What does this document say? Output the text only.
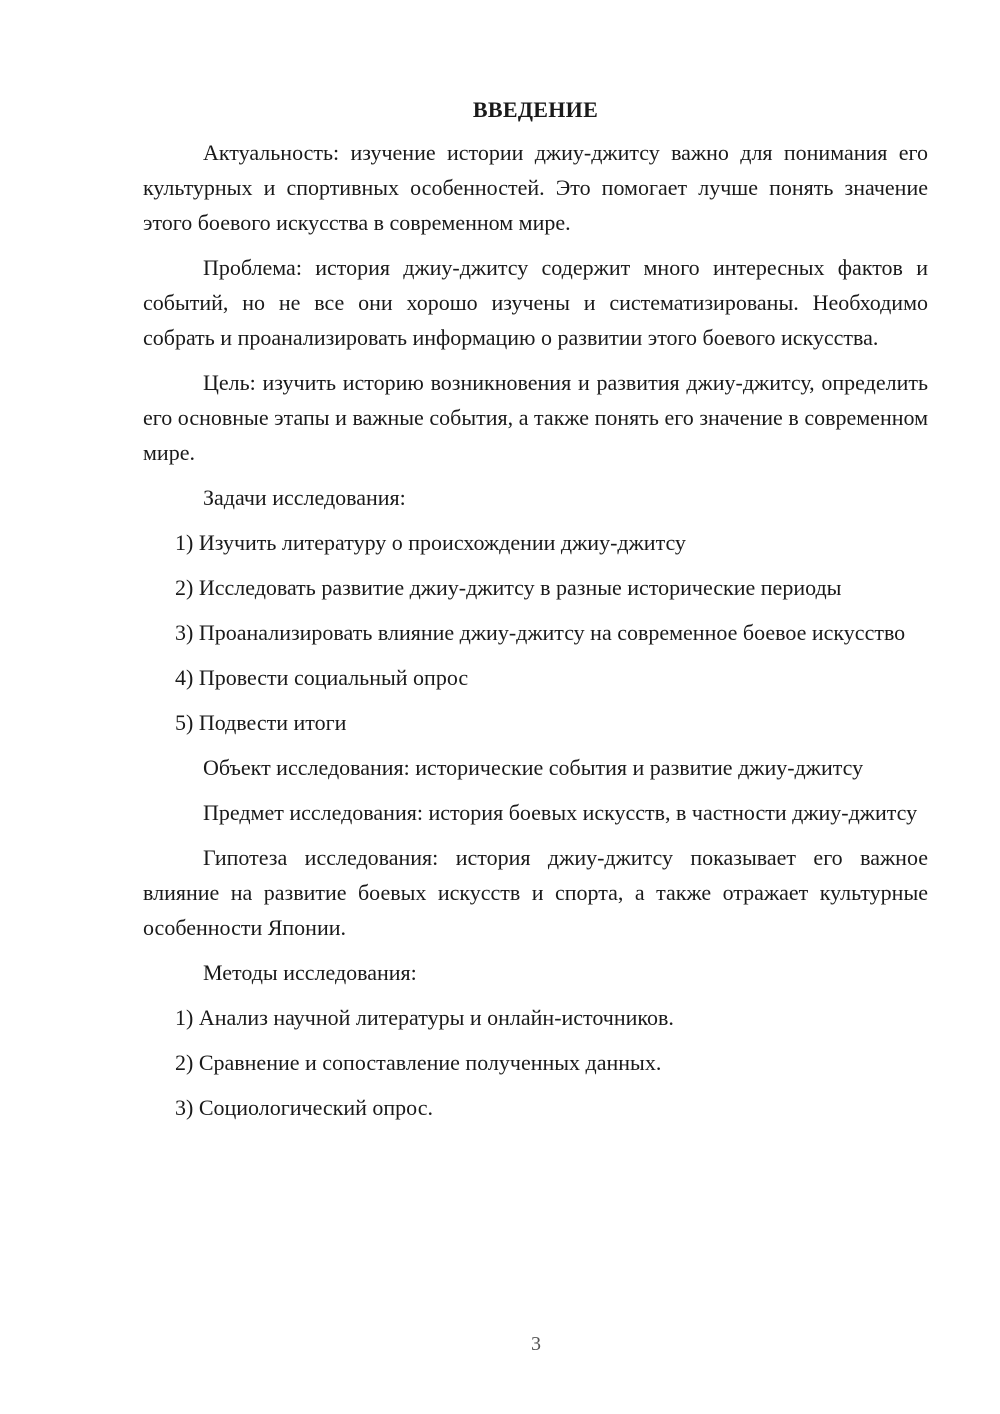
ВВЕДЕНИЕ

Актуальность: изучение истории джиу-джитсу важно для понимания его культурных и спортивных особенностей. Это помогает лучше понять значение этого боевого искусства в современном мире.

Проблема: история джиу-джитсу содержит много интересных фактов и событий, но не все они хорошо изучены и систематизированы. Необходимо собрать и проанализировать информацию о развитии этого боевого искусства.

Цель: изучить историю возникновения и развития джиу-джитсу, определить его основные этапы и важные события, а также понять его значение в современном мире.

Задачи исследования:

1) Изучить литературу о происхождении джиу-джитсу

2) Исследовать развитие джиу-джитсу в разные исторические периоды

3) Проанализировать влияние джиу-джитсу на современное боевое искусство

4) Провести социальный опрос

5) Подвести итоги

Объект исследования: исторические события и развитие джиу-джитсу

Предмет исследования: история боевых искусств, в частности джиу-джитсу

Гипотеза исследования: история джиу-джитсу показывает его важное влияние на развитие боевых искусств и спорта, а также отражает культурные особенности Японии.

Методы исследования:

1) Анализ научной литературы и онлайн-источников.

2) Сравнение и сопоставление полученных данных.

3) Социологический опрос.

3
